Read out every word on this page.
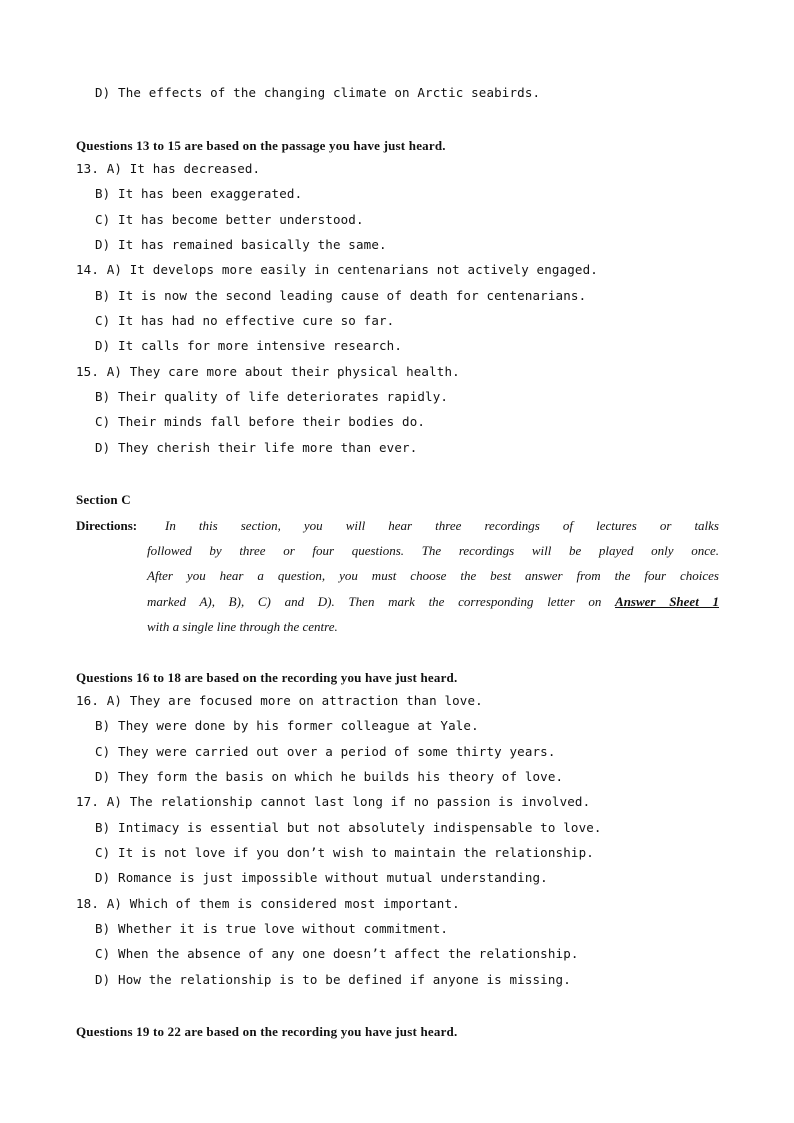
D) The effects of the changing climate on Arctic seabirds.
Questions 13 to 15 are based on the passage you have just heard.
13. A) It has decreased.
B) It has been exaggerated.
C) It has become better understood.
D) It has remained basically the same.
14. A) It develops more easily in centenarians not actively engaged.
B) It is now the second leading cause of death for centenarians.
C) It has had no effective cure so far.
D) It calls for more intensive research.
15. A) They care more about their physical health.
B) Their quality of life deteriorates rapidly.
C) Their minds fall before their bodies do.
D) They cherish their life more than ever.
Section C
Directions: In this section, you will hear three recordings of lectures or talks
followed by three or four questions. The recordings will be played only once.
After you hear a question, you must choose the best answer from the four choices
marked A), B), C) and D). Then mark the corresponding letter on Answer Sheet 1
with a single line through the centre.
Questions 16 to 18 are based on the recording you have just heard.
16. A) They are focused more on attraction than love.
B) They were done by his former colleague at Yale.
C) They were carried out over a period of some thirty years.
D) They form the basis on which he builds his theory of love.
17. A) The relationship cannot last long if no passion is involved.
B) Intimacy is essential but not absolutely indispensable to love.
C) It is not love if you don’t wish to maintain the relationship.
D) Romance is just impossible without mutual understanding.
18. A) Which of them is considered most important.
B) Whether it is true love without commitment.
C) When the absence of any one doesn’t affect the relationship.
D) How the relationship is to be defined if anyone is missing.
Questions 19 to 22 are based on the recording you have just heard.
